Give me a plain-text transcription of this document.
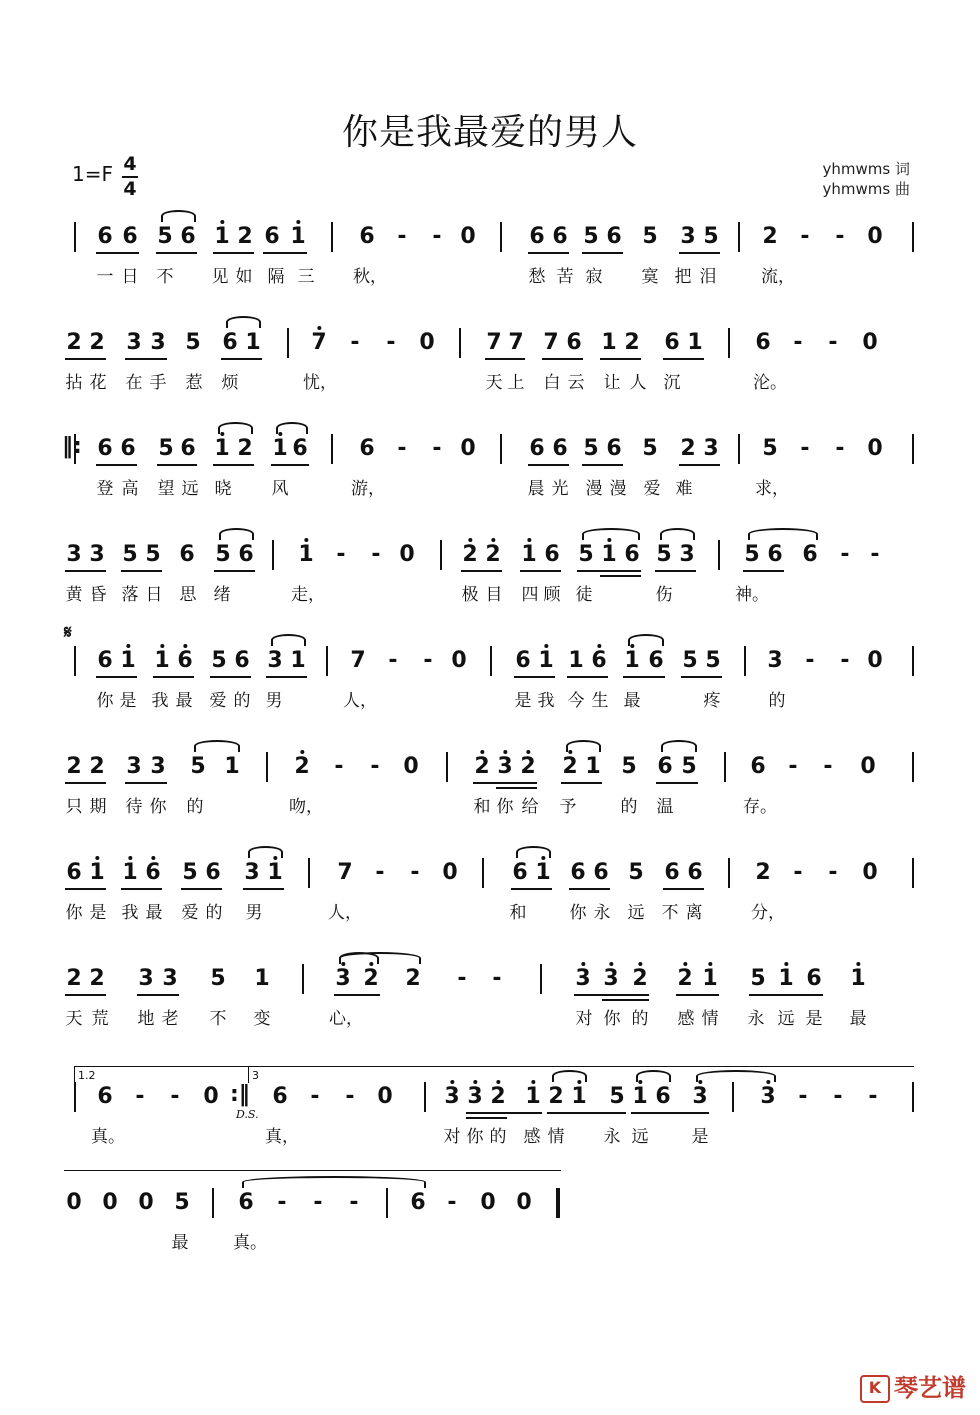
你是我最爱的男人
1=F 4
4
yhmwms 词
yhmwms 曲
6 6 5 6 1 2 6 1 6 - - 0 6 6 5 6 5 3 5 2 - - 0
一 日 不 见 如 隔 三 秋，	愁 苦 寂 寞 把 泪	流，
2 2 3 3 5 6 1 7 - - 0 7 7 7 6 1 2 6 1 6 - - 0
拈 花 在 手 惹 烦	忧，	天 上 白 云 让 人 沉	沦。
6 6 5 6 1 2 1 6 6 - - 0 6 6 5 6 5 2 3 5 - - 0
登 高 望 远 晓 风	游，	晨 光 漫 漫 爱 难	求，
3 3 5 5 6 5 6 1 - - 0 2 2 1 6 5 1 6 5 3 5 6 6 - -
黄 昏 落 日 思 绪	走，	极 目 四 顾 徒	伤	神。
6 1 1 6 5 6 3 1 7 - - 0 6 1 1 6 1 6 5 5 3 - - 0
你 是 我 最 爱 的 男	人，	是 我 今 生 最	疼	的
2 2 3 3 5 1 2 - - 0	2 3 2 2 1 5 6 5 6 - - 0
只 期 待 你 的	吻，	和 你 给 予	的 温	存。
6 1 1 6 5 6 3 1 7 - - 0 6 1 6 6 5 6 6 2 - - 0
你 是 我 最 爱 的 男	人，	和	你 永 远 不 离	分，
2 2 3 3 5 1	3 2 2 - -	3 3 2 2 1 5 1 6 1
天 荒 地 老 不 变	心，	对 你 的 感 情 永 远 是 最
6 - - 0 6 - - 0 3 3 2 1 2 1 5 1 6 3 3 - - -
真。	真，	对 你 的 感 情 永 远	是
0 0 0 5 6 - - - 6 - 0 0
最	真。
‖:
:‖
𝄋
D.S.
1.2	3
K 琴艺谱
